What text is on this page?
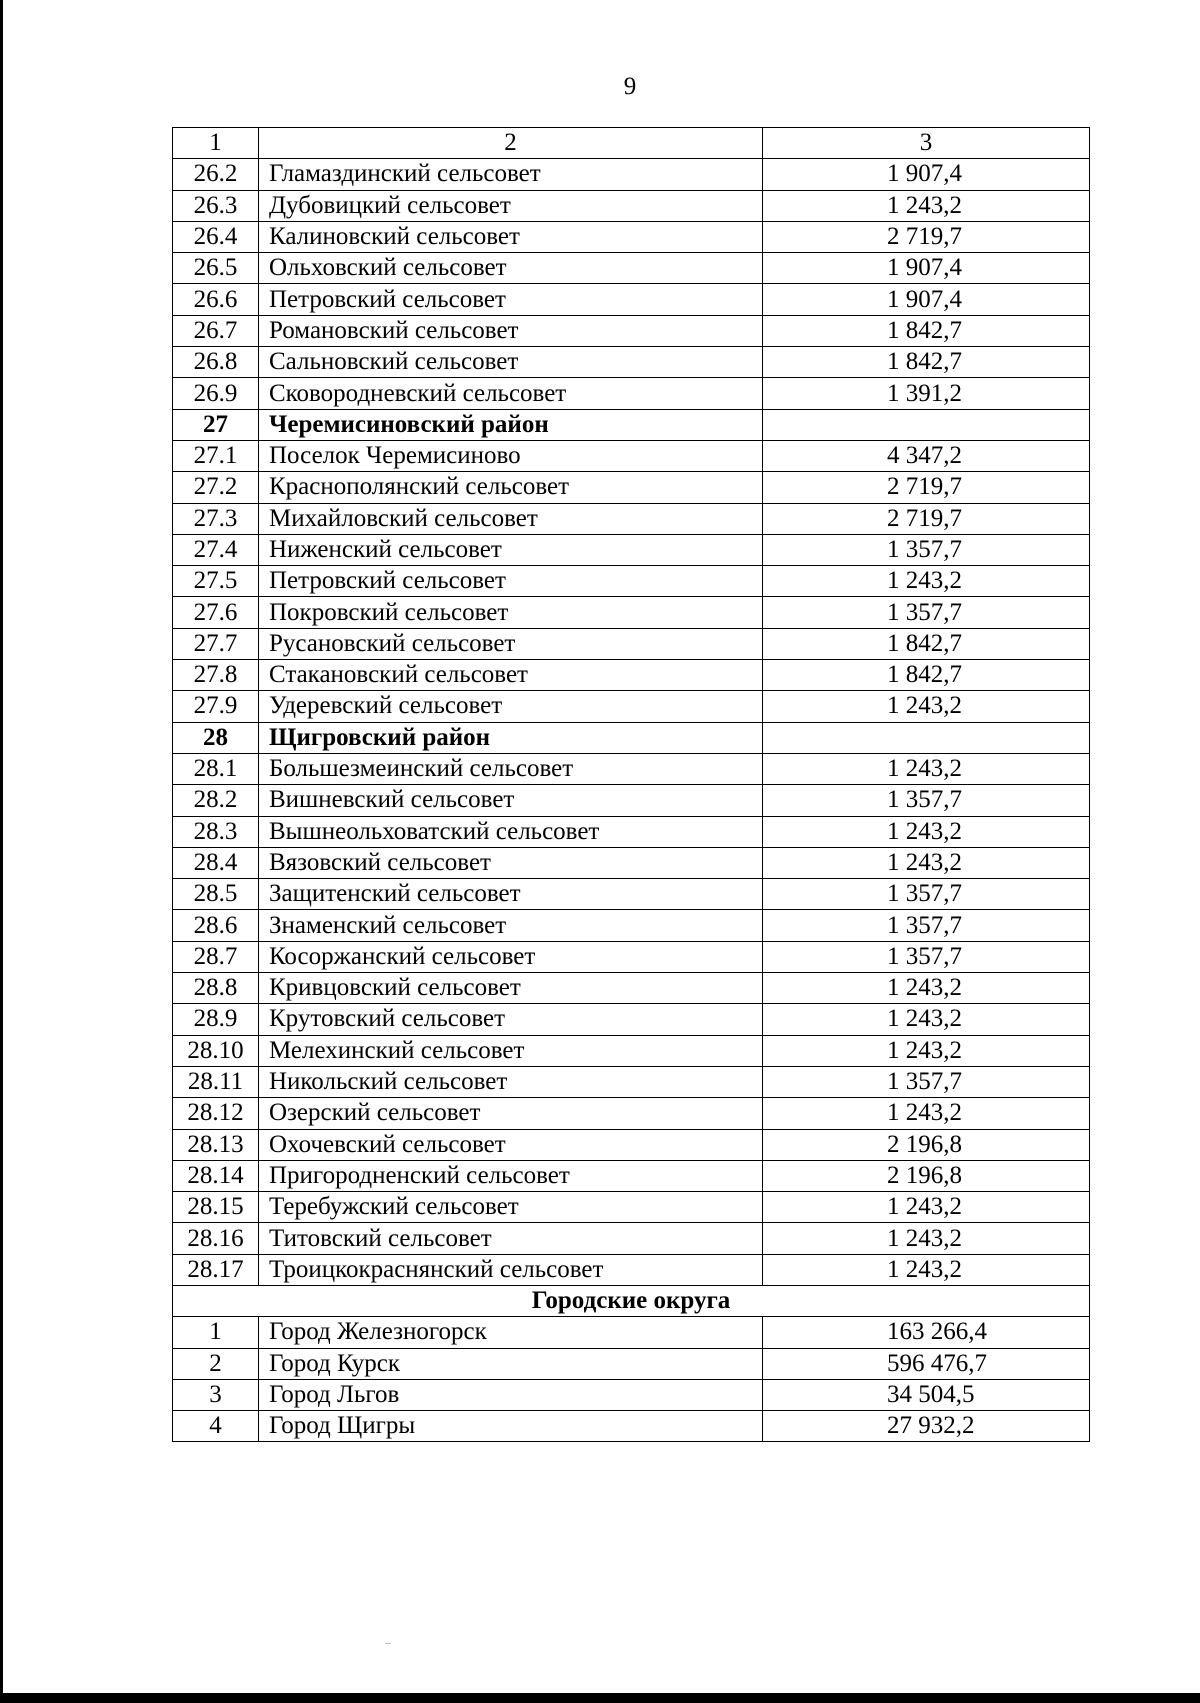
9
1	2	3
26.2	Гламаздинский сельсовет	1 907,4
26.3	Дубовицкий сельсовет	1 243,2
26.4	Калиновский сельсовет	2 719,7
26.5	Ольховский сельсовет	1 907,4
26.6	Петровский сельсовет	1 907,4
26.7	Романовский сельсовет	1 842,7
26.8	Сальновский сельсовет	1 842,7
26.9	Сковородневский сельсовет	1 391,2
27	Черемисиновский район	
27.1	Поселок Черемисиново	4 347,2
27.2	Краснополянский сельсовет	2 719,7
27.3	Михайловский сельсовет	2 719,7
27.4	Ниженский сельсовет	1 357,7
27.5	Петровский сельсовет	1 243,2
27.6	Покровский сельсовет	1 357,7
27.7	Русановский сельсовет	1 842,7
27.8	Стакановский сельсовет	1 842,7
27.9	Удеревский сельсовет	1 243,2
28	Щигровский район	
28.1	Большезмеинский сельсовет	1 243,2
28.2	Вишневский сельсовет	1 357,7
28.3	Вышнеольховатский сельсовет	1 243,2
28.4	Вязовский сельсовет	1 243,2
28.5	Защитенский сельсовет	1 357,7
28.6	Знаменский сельсовет	1 357,7
28.7	Косоржанский сельсовет	1 357,7
28.8	Кривцовский сельсовет	1 243,2
28.9	Крутовский сельсовет	1 243,2
28.10	Мелехинский сельсовет	1 243,2
28.11	Никольский сельсовет	1 357,7
28.12	Озерский сельсовет	1 243,2
28.13	Охочевский сельсовет	2 196,8
28.14	Пригородненский сельсовет	2 196,8
28.15	Теребужский сельсовет	1 243,2
28.16	Титовский сельсовет	1 243,2
28.17	Троицкокраснянский сельсовет	1 243,2
Городские округа		
1	Город Железногорск	163 266,4
2	Город Курск	596 476,7
3	Город Льгов	34 504,5
4	Город Щигры	27 932,2
